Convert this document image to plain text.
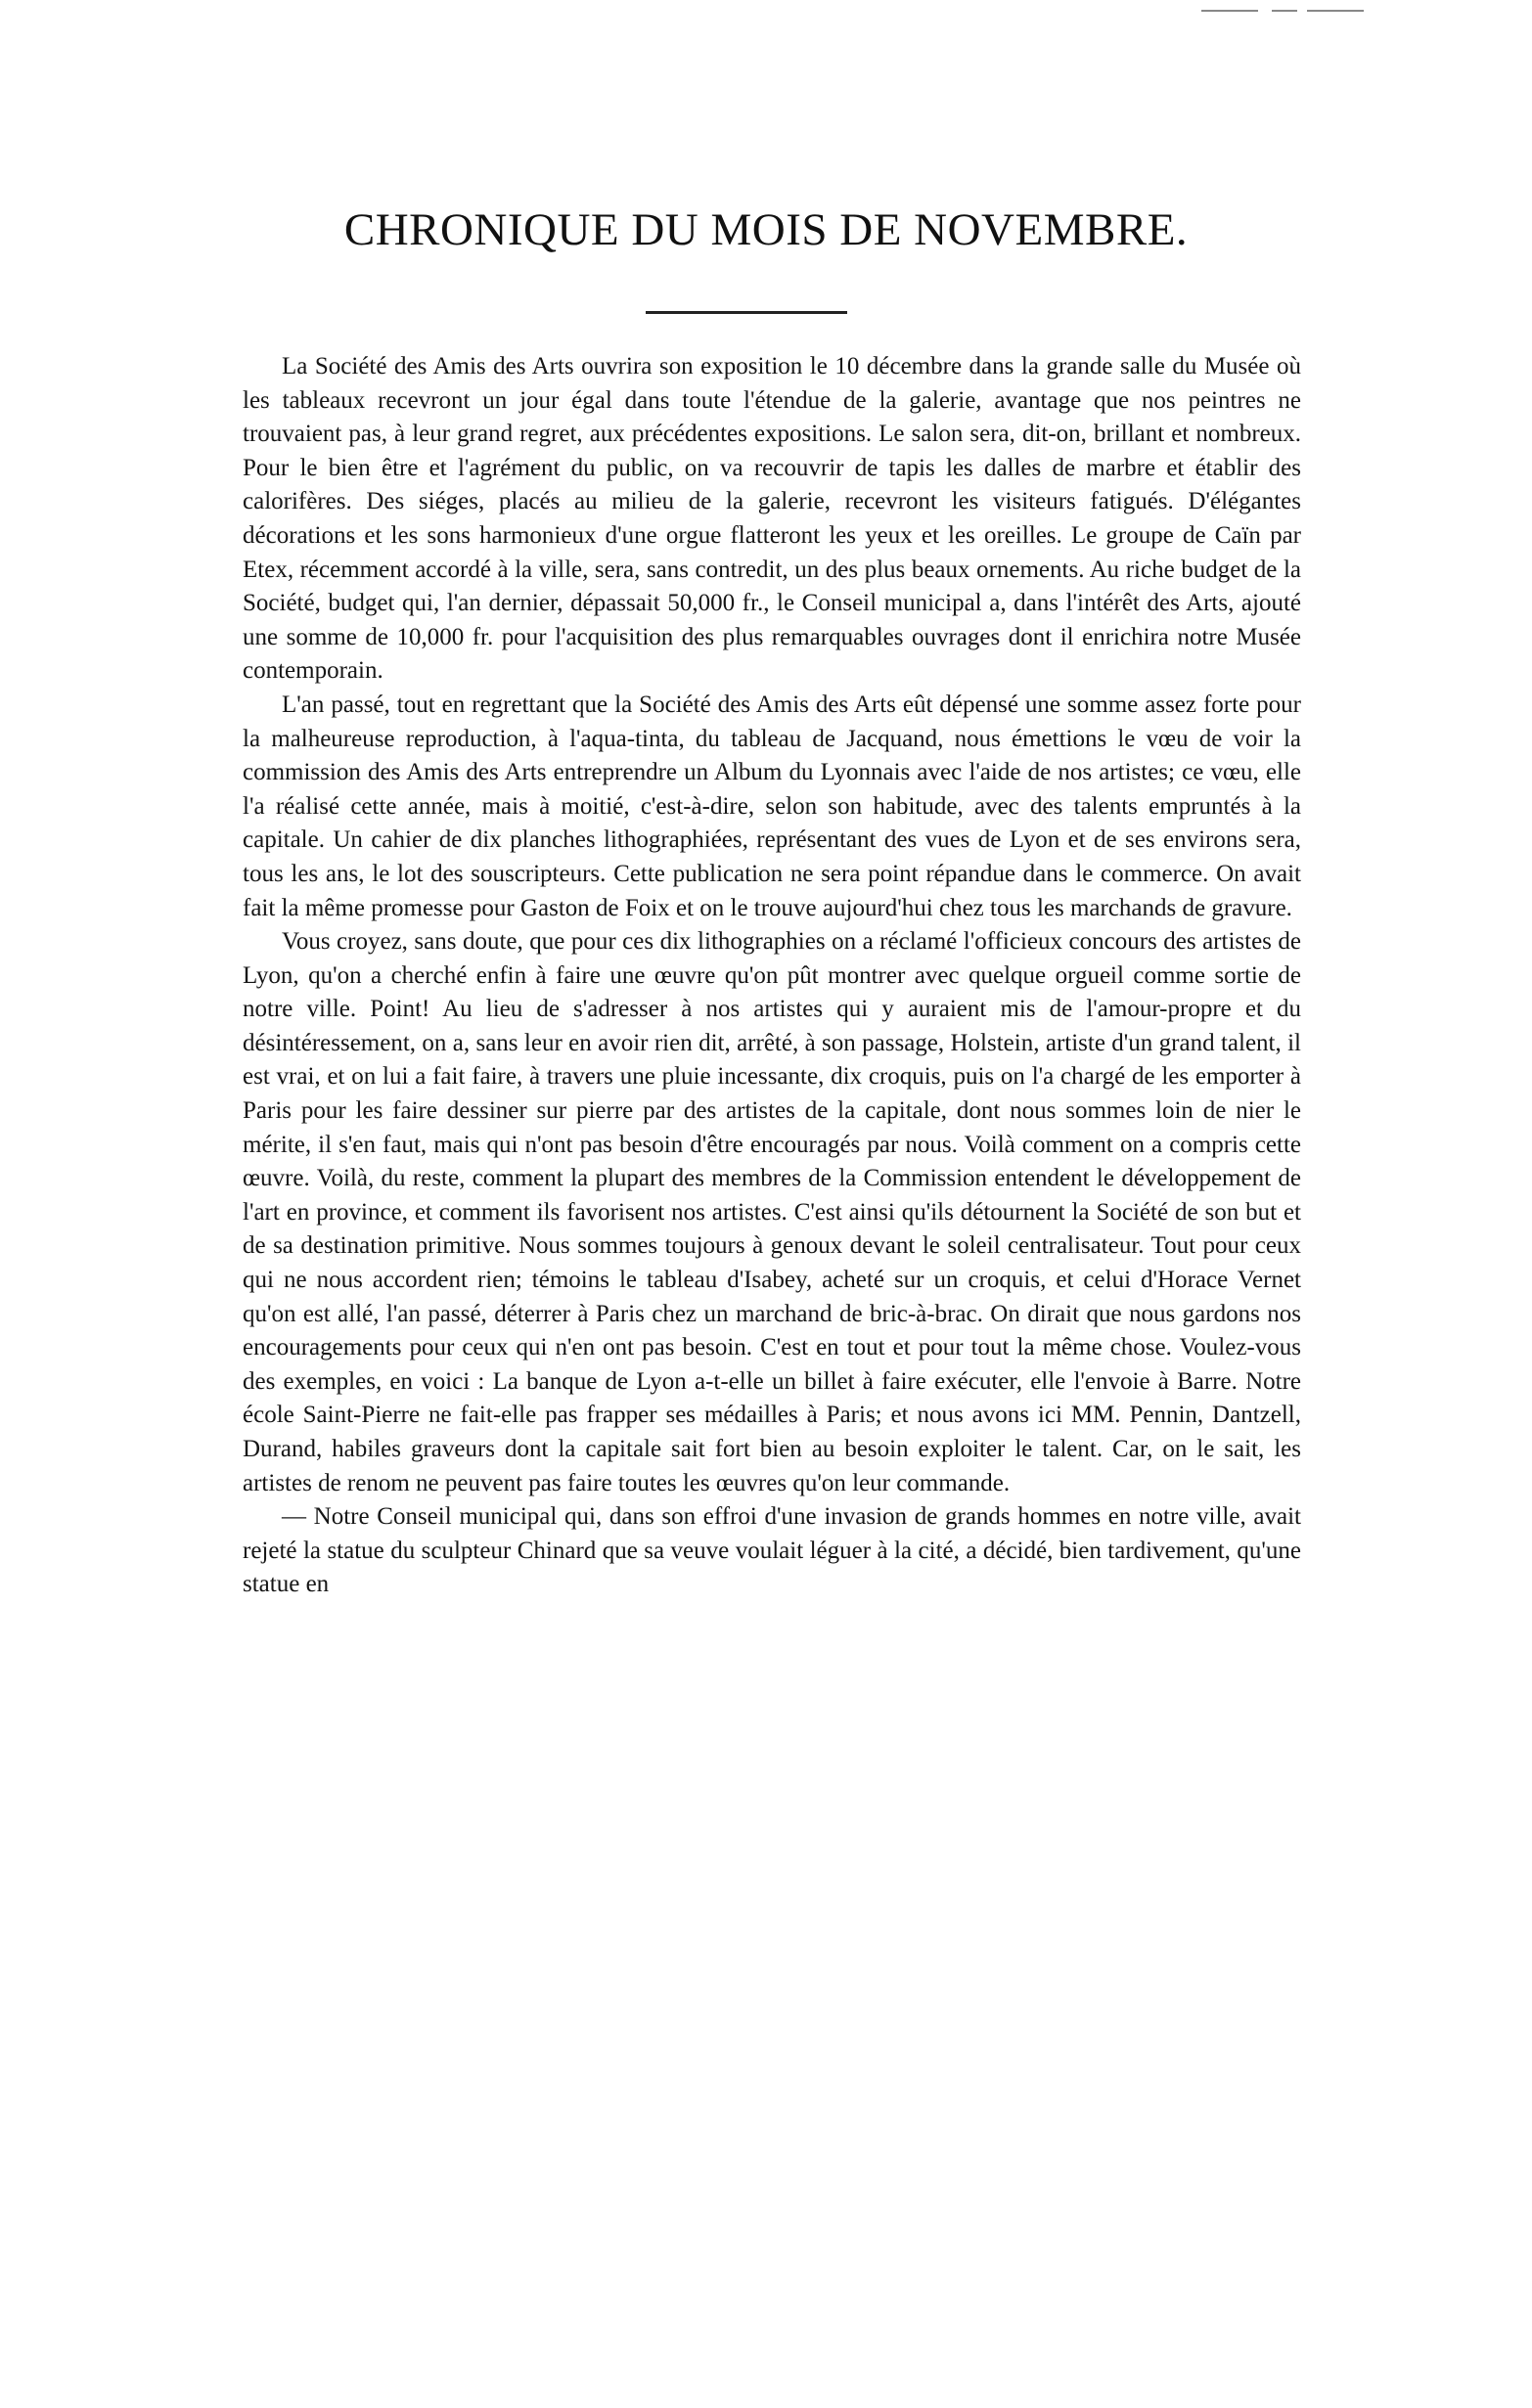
CHRONIQUE DU MOIS DE NOVEMBRE.

La Société des Amis des Arts ouvrira son exposition le 10 décembre dans la grande salle du Musée où les tableaux recevront un jour égal dans toute l'étendue de la galerie, avantage que nos peintres ne trouvaient pas, à leur grand regret, aux précédentes expositions. Le salon sera, dit-on, brillant et nombreux. Pour le bien être et l'agrément du public, on va recouvrir de tapis les dalles de marbre et établir des calorifères. Des siéges, placés au milieu de la galerie, recevront les visiteurs fatigués. D'élégantes décorations et les sons harmonieux d'une orgue flatteront les yeux et les oreilles. Le groupe de Caïn par Etex, récemment accordé à la ville, sera, sans contredit, un des plus beaux ornements. Au riche budget de la Société, budget qui, l'an dernier, dépassait 50,000 fr., le Conseil municipal a, dans l'intérêt des Arts, ajouté une somme de 10,000 fr. pour l'acquisition des plus remarquables ouvrages dont il enrichira notre Musée contemporain.

L'an passé, tout en regrettant que la Société des Amis des Arts eût dépensé une somme assez forte pour la malheureuse reproduction, à l'aqua-tinta, du tableau de Jacquand, nous émettions le vœu de voir la commission des Amis des Arts entreprendre un Album du Lyonnais avec l'aide de nos artistes; ce vœu, elle l'a réalisé cette année, mais à moitié, c'est-à-dire, selon son habitude, avec des talents empruntés à la capitale. Un cahier de dix planches lithographiées, représentant des vues de Lyon et de ses environs sera, tous les ans, le lot des souscripteurs. Cette publication ne sera point répandue dans le commerce. On avait fait la même promesse pour Gaston de Foix et on le trouve aujourd'hui chez tous les marchands de gravure.

Vous croyez, sans doute, que pour ces dix lithographies on a réclamé l'officieux concours des artistes de Lyon, qu'on a cherché enfin à faire une œuvre qu'on pût montrer avec quelque orgueil comme sortie de notre ville. Point! Au lieu de s'adresser à nos artistes qui y auraient mis de l'amour-propre et du désintéressement, on a, sans leur en avoir rien dit, arrêté, à son passage, Holstein, artiste d'un grand talent, il est vrai, et on lui a fait faire, à travers une pluie incessante, dix croquis, puis on l'a chargé de les emporter à Paris pour les faire dessiner sur pierre par des artistes de la capitale, dont nous sommes loin de nier le mérite, il s'en faut, mais qui n'ont pas besoin d'être encouragés par nous. Voilà comment on a compris cette œuvre. Voilà, du reste, comment la plupart des membres de la Commission entendent le développement de l'art en province, et comment ils favorisent nos artistes. C'est ainsi qu'ils détournent la Société de son but et de sa destination primitive. Nous sommes toujours à genoux devant le soleil centralisateur. Tout pour ceux qui ne nous accordent rien; témoins le tableau d'Isabey, acheté sur un croquis, et celui d'Horace Vernet qu'on est allé, l'an passé, déterrer à Paris chez un marchand de bric-à-brac. On dirait que nous gardons nos encouragements pour ceux qui n'en ont pas besoin. C'est en tout et pour tout la même chose. Voulez-vous des exemples, en voici : La banque de Lyon a-t-elle un billet à faire exécuter, elle l'envoie à Barre. Notre école Saint-Pierre ne fait-elle pas frapper ses médailles à Paris; et nous avons ici MM. Pennin, Dantzell, Durand, habiles graveurs dont la capitale sait fort bien au besoin exploiter le talent. Car, on le sait, les artistes de renom ne peuvent pas faire toutes les œuvres qu'on leur commande.

— Notre Conseil municipal qui, dans son effroi d'une invasion de grands hommes en notre ville, avait rejeté la statue du sculpteur Chinard que sa veuve voulait léguer à la cité, a décidé, bien tardivement, qu'une statue en
